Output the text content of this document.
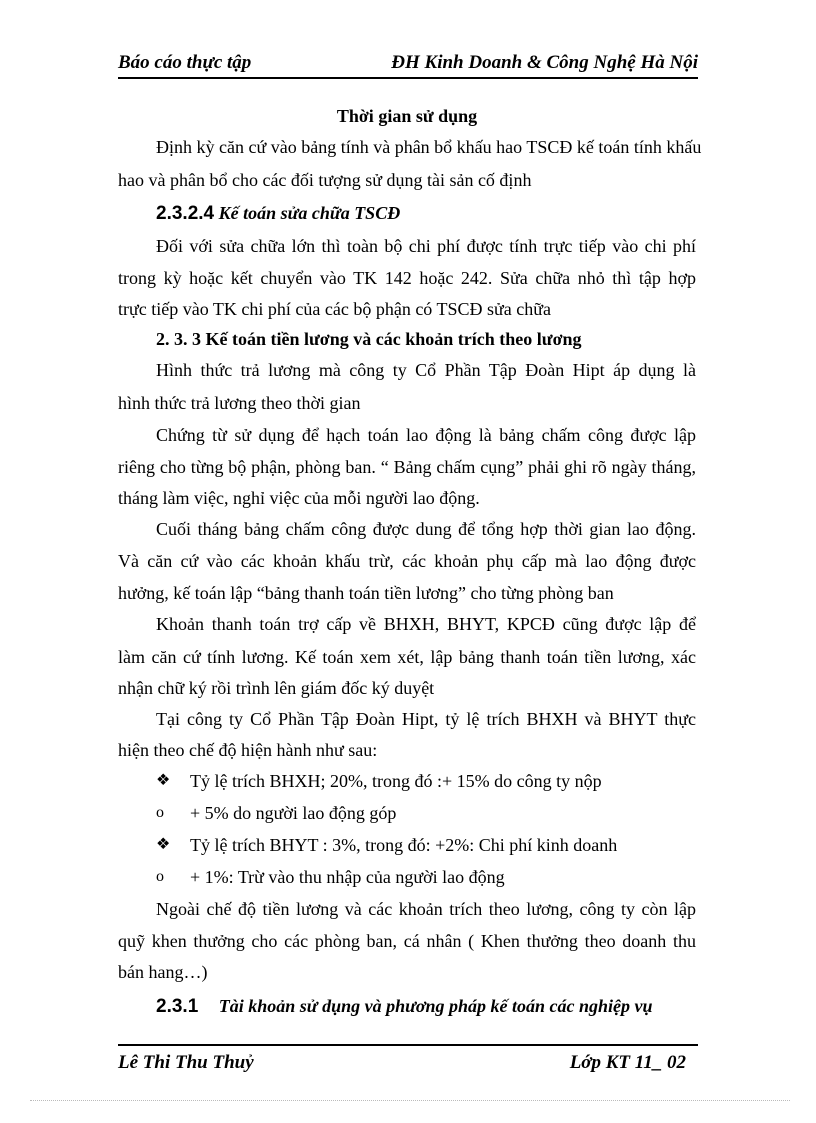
Báo cáo thực tập	ĐH Kinh Doanh & Công Nghệ Hà Nội
Thời gian sử dụng
Định kỳ căn cứ vào bảng tính và phân bổ khấu hao TSCĐ kế toán tính khấu
hao và phân bổ cho các đối tượng sử dụng tài sản cố định
2.3.2.4 Kế toán sửa chữa TSCĐ
Đối với sửa chữa lớn thì toàn bộ chi phí được tính trực tiếp vào chi phí
trong kỳ hoặc kết chuyển vào TK 142 hoặc 242. Sửa chữa nhỏ thì tập hợp
trực tiếp vào TK chi phí của các bộ phận có TSCĐ sửa chữa
2. 3. 3 Kế toán tiền lương và các khoản trích theo lương
Hình thức trả lương mà công ty Cổ Phần Tập Đoàn Hipt áp dụng là
hình thức trả lương theo thời gian
Chứng từ sử dụng để hạch toán lao động là bảng chấm công được lập
riêng cho từng bộ phận, phòng ban. “ Bảng chấm cụng” phải ghi rõ ngày tháng,
tháng làm việc, nghỉ việc của mỗi người lao động.
Cuối tháng bảng chấm công được dung để tổng hợp thời gian lao động.
Và căn cứ vào các khoản khấu trừ, các khoản phụ cấp mà lao động được
hưởng, kế toán lập “bảng thanh toán tiền lương” cho từng phòng ban
Khoản thanh toán trợ cấp về BHXH, BHYT, KPCĐ cũng được lập để
làm căn cứ tính lương. Kế toán xem xét, lập bảng thanh toán tiền lương, xác
nhận chữ ký rồi trình lên giám đốc ký duyệt
Tại công ty Cổ Phần Tập Đoàn Hipt, tỷ lệ trích BHXH và BHYT thực
hiện theo chế độ hiện hành như sau:
❖	Tỷ lệ trích BHXH; 20%, trong đó :+ 15% do công ty nộp
o	+ 5% do người lao động góp
❖	Tỷ lệ trích BHYT : 3%, trong đó: +2%: Chi phí kinh doanh
o	+ 1%: Trừ vào thu nhập của người lao động
Ngoài chế độ tiền lương và các khoản trích theo lương, công ty còn lập
quỹ khen thưởng cho các phòng ban, cá nhân ( Khen thưởng theo doanh thu
bán hang…)
2.3.1 Tài khoản sử dụng và phương pháp kế toán các nghiệp vụ
Lê Thi Thu Thuỷ	Lớp KT 11_ 02
